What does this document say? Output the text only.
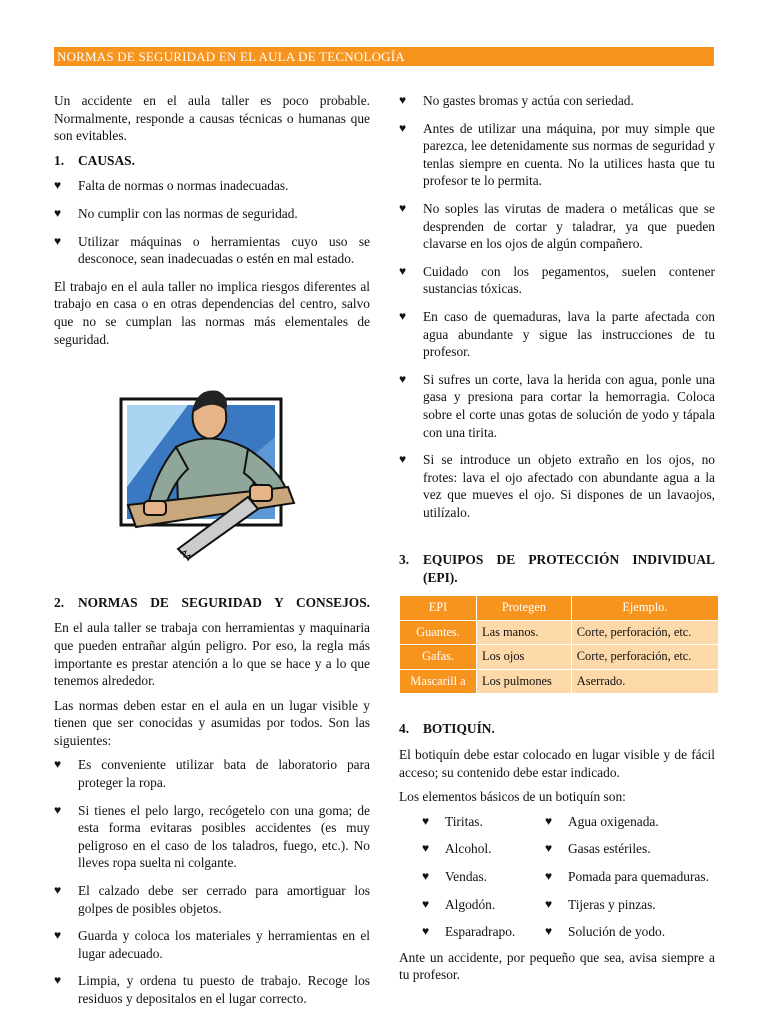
NORMAS DE SEGURIDAD EN EL AULA DE TECNOLOGÍA

Un accidente en el aula taller es poco probable. Normalmente, responde a causas técnicas o humanas que son evitables.

1.	CAUSAS.
♥ Falta de normas o normas inadecuadas.
♥ No cumplir con las normas de seguridad.
♥ Utilizar máquinas o herramientas cuyo uso se desconoce, sean inadecuadas o estén en mal estado.

El trabajo en el aula taller no implica riesgos diferentes al trabajo en casa o en otras dependencias del centro, salvo que no se cumplan las normas más elementales de seguridad.

2.	NORMAS DE SEGURIDAD Y CONSEJOS.

En el aula taller se trabaja con herramientas y maquinaria que pueden entrañar algún peligro. Por eso, la regla más importante es prestar atención a lo que se hace y a lo que tenemos alrededor.

Las normas deben estar en el aula en un lugar visible y tienen que ser conocidas y asumidas por todos. Son las siguientes:

♥ Es conveniente utilizar bata de laboratorio para proteger la ropa.
♥ Si tienes el pelo largo, recógetelo con una goma; de esta forma evitaras posibles accidentes (es muy peligroso en el caso de los taladros, fuego, etc.). No lleves ropa suelta ni colgante.
♥ El calzado debe ser cerrado para amortiguar los golpes de posibles objetos.
♥ Guarda y coloca los materiales y herramientas en el lugar adecuado.
♥ Limpia, y ordena tu puesto de trabajo. Recoge los residuos y depositalos en el lugar correcto.
♥ No gastes bromas y actúa con seriedad.
♥ Antes de utilizar una máquina, por muy simple que parezca, lee detenidamente sus normas de seguridad y tenlas siempre en cuenta. No la utilices hasta que tu profesor te lo permita.
♥ No soples las virutas de madera o metálicas que se desprenden de cortar y taladrar, ya que pueden clavarse en los ojos de algún compañero.
♥ Cuidado con los pegamentos, suelen contener sustancias tóxicas.
♥ En caso de quemaduras, lava la parte afectada con agua abundante y sigue las instrucciones de tu profesor.
♥ Si sufres un corte, lava la herida con agua, ponle una gasa y presiona para cortar la hemorragia. Coloca sobre el corte unas gotas de solución de yodo y tápala con una tirita.
♥ Si se introduce un objeto extraño en los ojos, no frotes: lava el ojo afectado con abundante agua a la vez que mueves el ojo. Si dispones de un lavaojos, utilízalo.
3.	EQUIPOS DE PROTECCIÓN INDIVIDUAL (EPI).
EPI	Protegen	Ejemplo.
Guantes.	Las manos.	Corte, perforación, etc.
Gafas.	Los ojos	Corte, perforación, etc.
Mascarill a	Los pulmones	Aserrado.
4.	BOTIQUÍN.

El botiquín debe estar colocado en lugar visible y de fácil acceso; su contenido debe estar indicado.

Los elementos básicos de un botiquín son:

♥ Tiritas.	♥ Agua oxigenada.
♥ Alcohol.	♥ Gasas estériles.
♥ Vendas.	♥ Pomada para quemaduras.
♥ Algodón.	♥ Tijeras y pinzas.
♥ Esparadrapo.	♥ Solución de yodo.

Ante un accidente, por pequeño que sea, avisa siempre a tu profesor.
